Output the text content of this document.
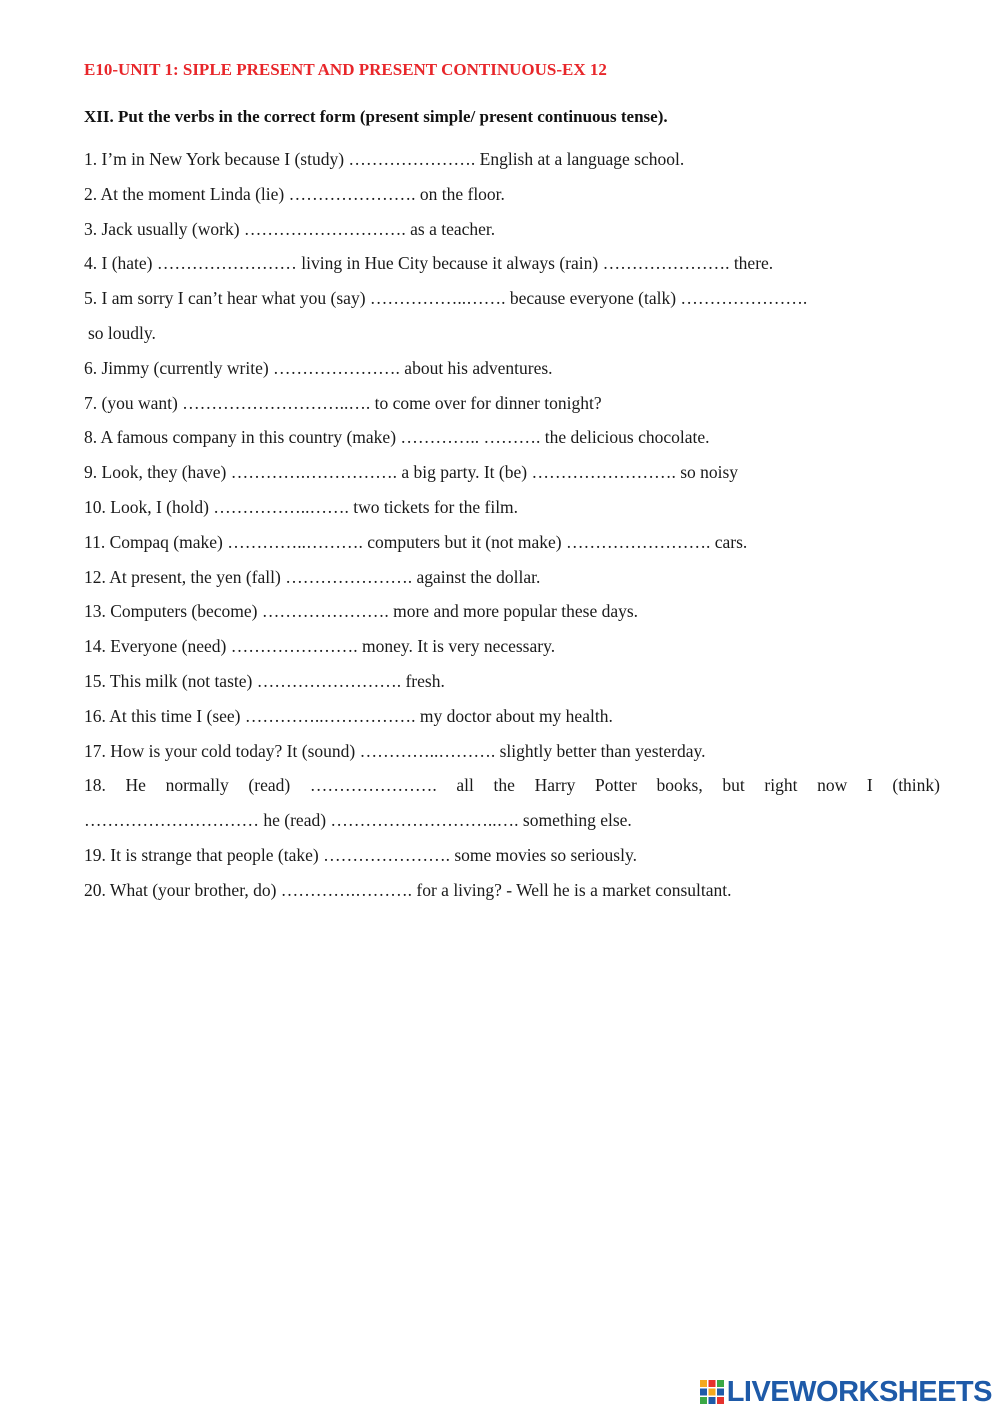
E10-UNIT 1: SIPLE PRESENT AND PRESENT CONTINUOUS-EX 12
XII. Put the verbs in the correct form (present simple/ present continuous tense).
1. I’m in New York because I (study) …………………. English at a language school.
2. At the moment Linda (lie) …………………. on the floor.
3. Jack usually (work) ………………………. as a teacher.
4. I (hate) …………………… living in Hue City because it always (rain) …………………. there.
5. I am sorry I can’t hear what you (say) ……………..……. because everyone (talk) ………………….
so loudly.
6. Jimmy (currently write) …………………. about his adventures.
7. (you want) ………………………..…. to come over for dinner tonight?
8. A famous company in this country (make) ………….. ………. the delicious chocolate.
9. Look, they (have) ………….……………. a big party. It (be) ……………………. so noisy
10. Look, I (hold) ……………..……. two tickets for the film.
11. Compaq (make) …………..………. computers but it (not make) ……………………. cars.
12. At present, the yen (fall) …………………. against the dollar.
13. Computers (become) …………………. more and more popular these days.
14. Everyone (need) …………………. money. It is very necessary.
15. This milk (not taste) ……………………. fresh.
16. At this time I (see) …………..……………. my doctor about my health.
17. How is your cold today? It (sound) …………..………. slightly better than yesterday.
18. He normally (read) …………………. all the Harry Potter books, but right now I (think)
………………………… he (read) ………………………..…. something else.
19. It is strange that people (take) …………………. some movies so seriously.
20. What (your brother, do) ………….………. for a living? - Well he is a market consultant.
LIVEWORKSHEETS
